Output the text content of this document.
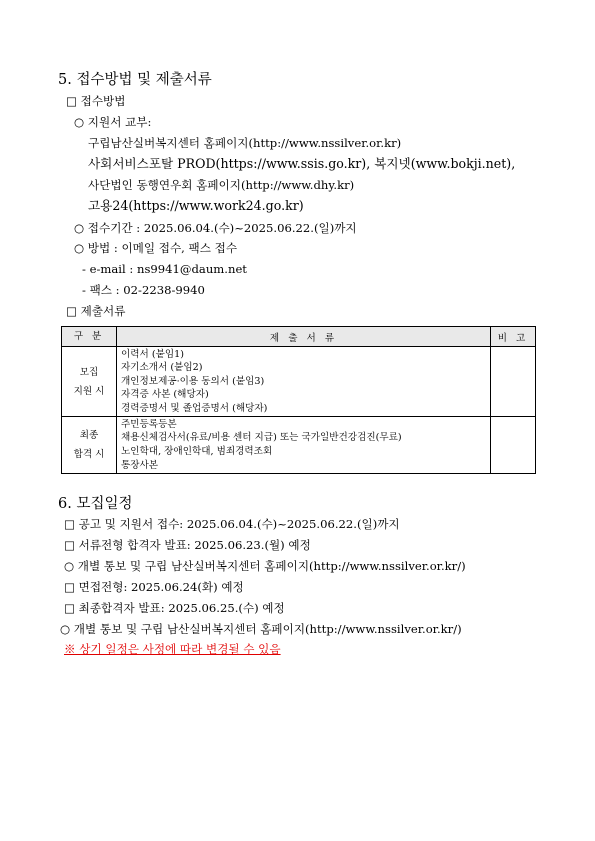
5. 접수방법 및 제출서류
□ 접수방법
○ 지원서 교부:
구립남산실버복지센터 홈페이지(http://www.nssilver.or.kr)
사회서비스포탈 PROD(https://www.ssis.go.kr), 복지넷(www.bokji.net),
사단법인 동행연우회 홈페이지(http://www.dhy.kr)
고용24(https://www.work24.go.kr)
○ 접수기간 : 2025.06.04.(수)~2025.06.22.(일)까지
○ 방법 : 이메일 접수, 팩스 접수
- e-mail : ns9941@daum.net
- 팩스 : 02-2238-9940
□ 제출서류
구 분	제 출 서 류	비 고

모집
지원 시	이력서 (붙임1)
자기소개서 (붙임2)
개인정보제공·이용 동의서 (붙임3)
자격증 사본 (해당자)
경력증명서 및 졸업증명서 (해당자)	

최종
합격 시	주민등록등본
채용신체검사서(유료/비용 센터 지급) 또는 국가일반건강검진(무료)
노인학대, 장애인학대, 범죄경력조회
통장사본	

6. 모집일정
□ 공고 및 지원서 접수: 2025.06.04.(수)~2025.06.22.(일)까지
□ 서류전형 합격자 발표: 2025.06.23.(월) 예정
○ 개별 통보 및 구립 남산실버복지센터 홈페이지(http://www.nssilver.or.kr/)
□ 면접전형: 2025.06.24(화) 예정
□ 최종합격자 발표: 2025.06.25.(수) 예정
○ 개별 통보 및 구립 남산실버복지센터 홈페이지(http://www.nssilver.or.kr/)
※ 상기 일정은 사정에 따라 변경될 수 있음
